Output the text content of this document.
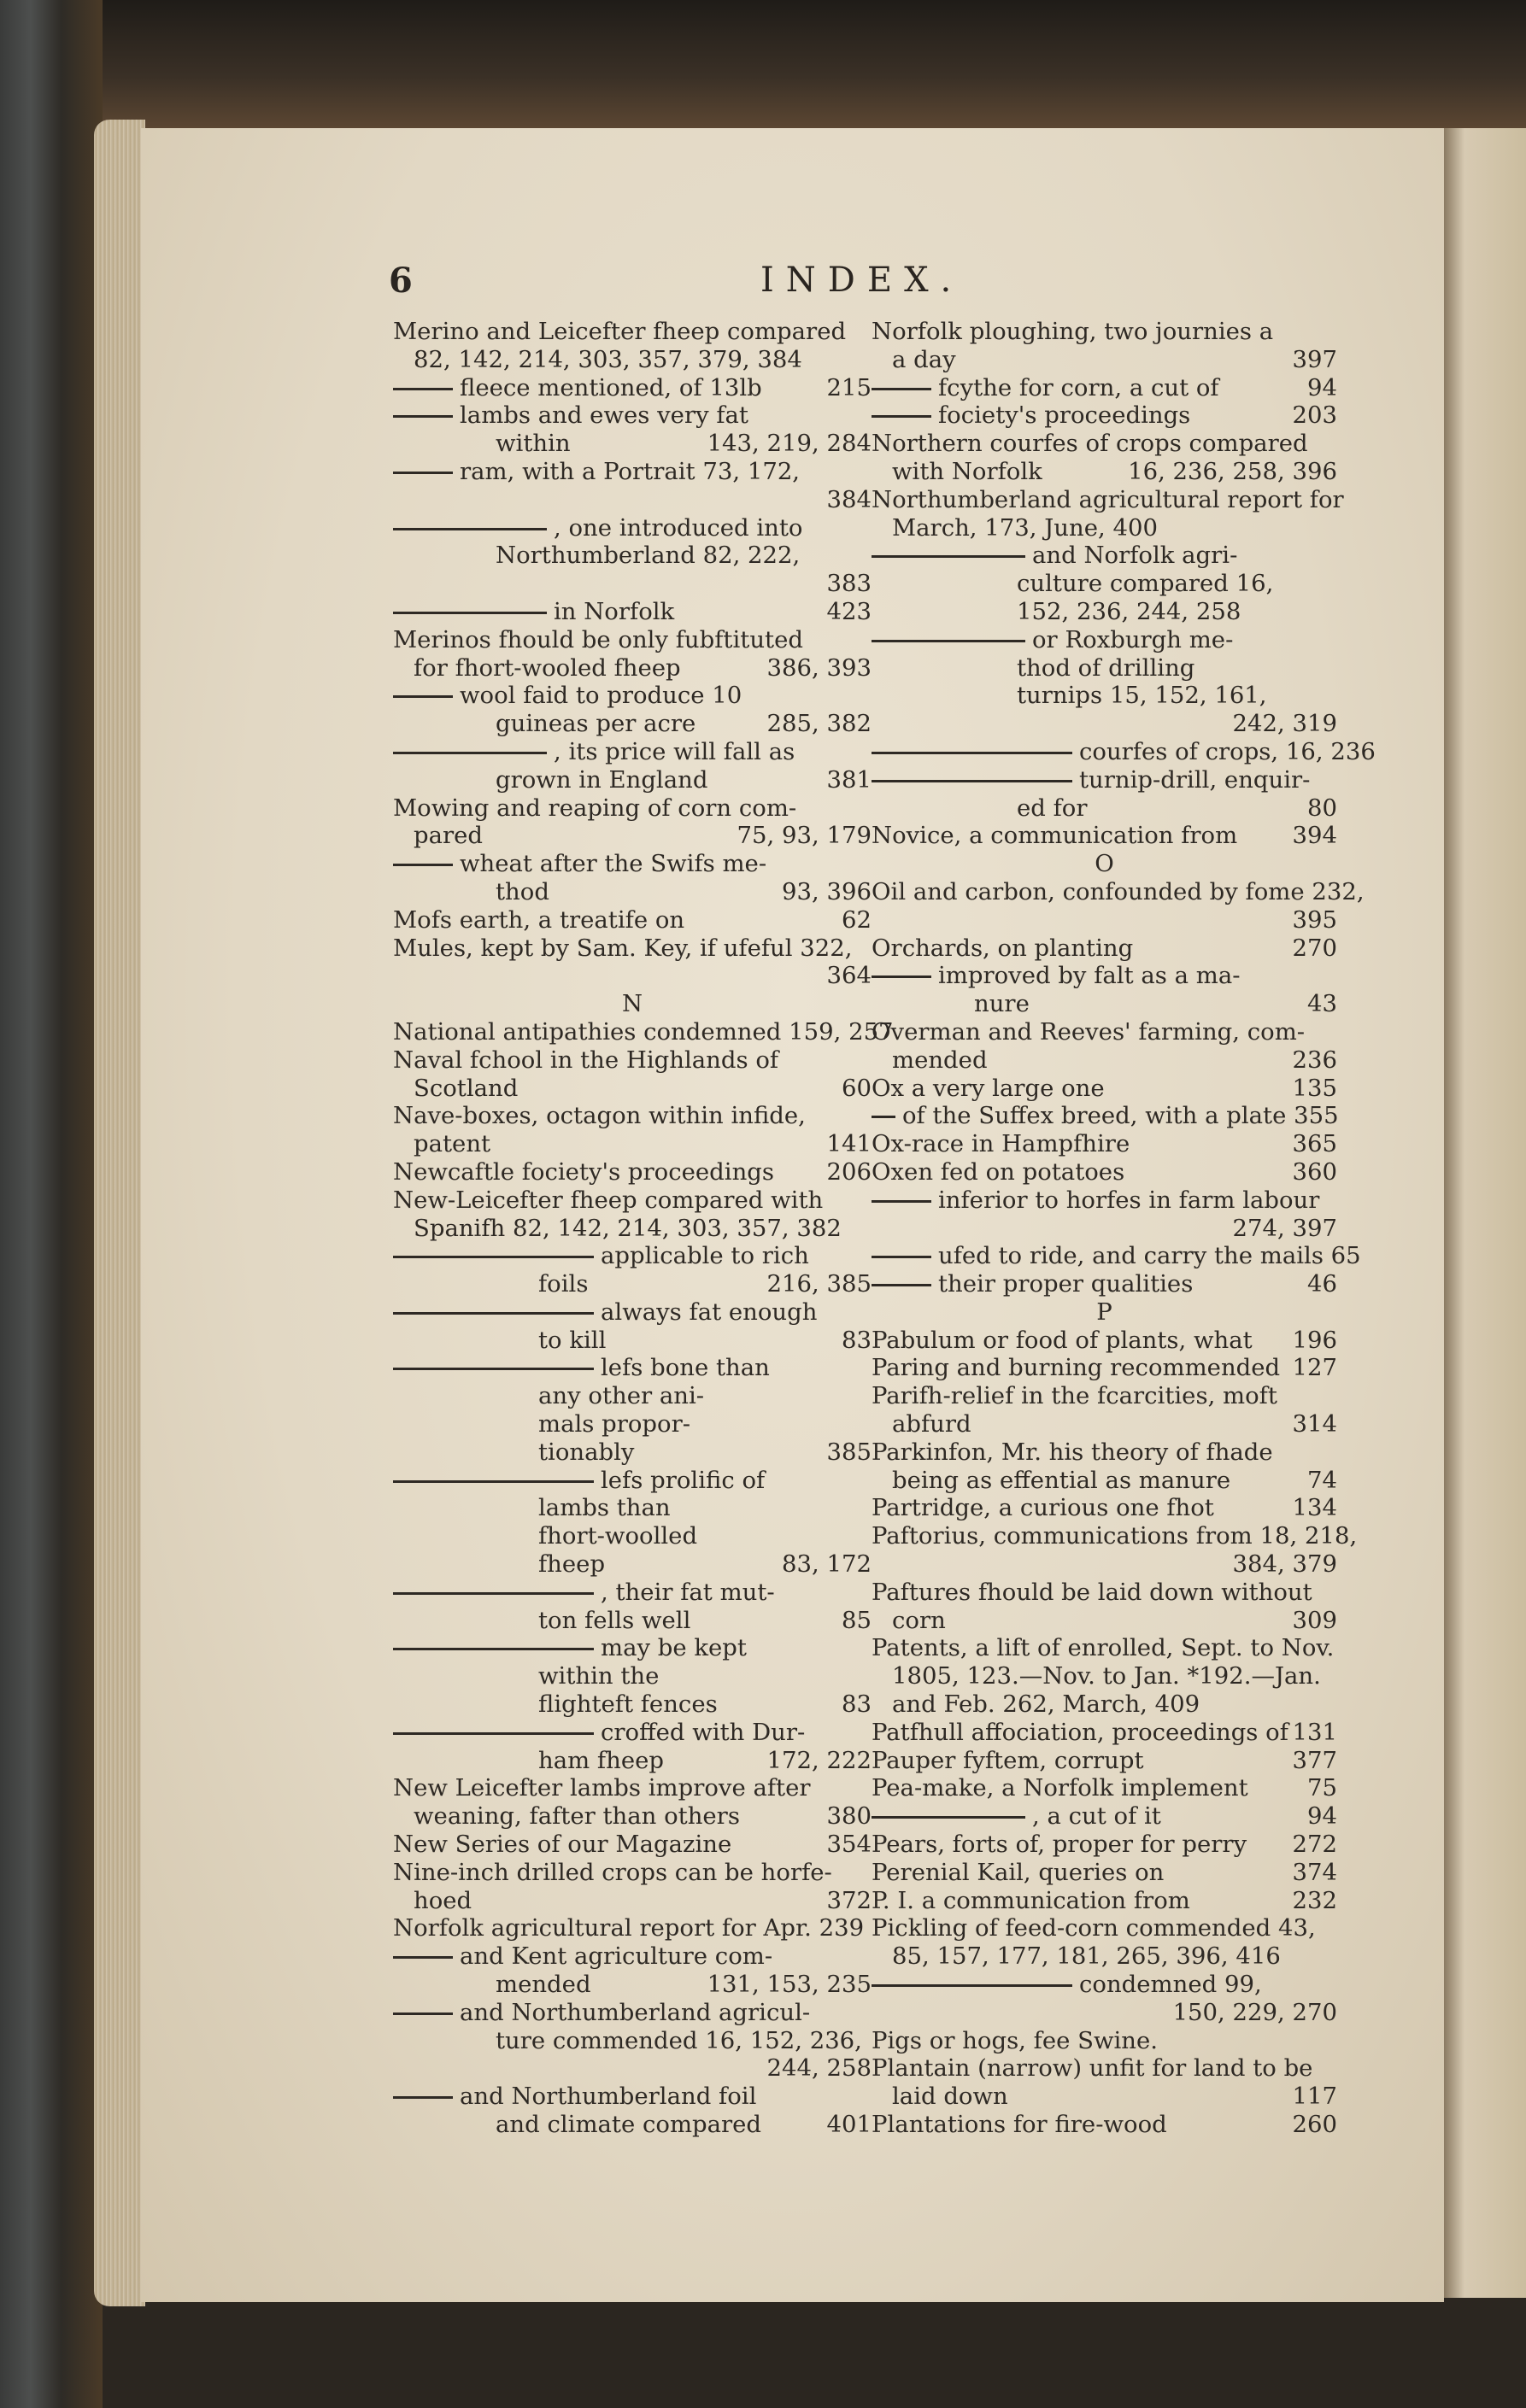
6	INDEX.
Merino and Leicefter fheep compared
82, 142, 214, 303, 357, 379, 384
fleece mentioned, of 13lb	215
lambs and ewes very fat
within	143, 219, 284
ram, with a Portrait 73, 172,
384
, one introduced into
Northumberland 82, 222,
383
in Norfolk	423
Merinos fhould be only fubftituted
for fhort-wooled fheep	386, 393
wool faid to produce 10
guineas per acre	285, 382
, its price will fall as
grown in England	381
Mowing and reaping of corn com-
pared	75, 93, 179
wheat after the Swifs me-
thod	93, 396
Mofs earth, a treatife on	62
Mules, kept by Sam. Key, if ufeful 322,
364
N
National antipathies condemned 159, 257
Naval fchool in the Highlands of
Scotland	60
Nave-boxes, octagon within infide,
patent	141
Newcaftle fociety's proceedings 206
New-Leicefter fheep compared with
Spanifh 82, 142, 214, 303, 357, 382
applicable to rich
foils	216, 385
always fat enough
to kill	83
lefs bone than
any other ani-
mals propor-
tionably	385
lefs prolific of
lambs than
fhort-woolled
fheep	83, 172
, their fat mut-
ton fells well	85
may be kept
within the
flighteft fences	83
croffed with Dur-
ham fheep	172, 222
New Leicefter lambs improve after
weaning, fafter than others	380
New Series of our Magazine	354
Nine-inch drilled crops can be horfe-
hoed	372
Norfolk agricultural report for Apr. 239
and Kent agriculture com-
mended	131, 153, 235
and Northumberland agricul-
ture commended 16, 152, 236,
244, 258
and Northumberland foil
and climate compared	401
Norfolk ploughing, two journies a
a day	397
fcythe for corn, a cut of	94
fociety's proceedings	203
Northern courfes of crops compared
with Norfolk	16, 236, 258, 396
Northumberland agricultural report for
March, 173, June, 400
and Norfolk agri-
culture compared 16,
152, 236, 244, 258
or Roxburgh me-
thod of drilling
turnips 15, 152, 161,
242, 319
courfes of crops, 16, 236
turnip-drill, enquir-
ed for	80
Novice, a communication from 394
O
Oil and carbon, confounded by fome 232,
395
Orchards, on planting	270
improved by falt as a ma-
nure	43
Overman and Reeves' farming, com-
mended	236
Ox a very large one	135
of the Suffex breed, with a plate 355
Ox-race in Hampfhire	365
Oxen fed on potatoes	360
inferior to horfes in farm labour
274, 397
ufed to ride, and carry the mails 65
their proper qualities	46
P
Pabulum or food of plants, what 196
Paring and burning recommended 127
Parifh-relief in the fcarcities, moft
abfurd	314
Parkinfon, Mr. his theory of fhade
being as effential as manure	74
Partridge, a curious one fhot	134
Paftorius, communications from 18, 218,
384, 379
Paftures fhould be laid down without
corn	309
Patents, a lift of enrolled, Sept. to Nov.
1805, 123.—Nov. to Jan. *192.—Jan.
and Feb. 262, March, 409
Patfhull affociation, proceedings of 131
Pauper fyftem, corrupt	377
Pea-make, a Norfolk implement	75
, a cut of it	94
Pears, forts of, proper for perry 272
Perenial Kail, queries on	374
P. I. a communication from	232
Pickling of feed-corn commended 43,
85, 157, 177, 181, 265, 396, 416
condemned 99,
150, 229, 270
Pigs or hogs, fee Swine.
Plantain (narrow) unfit for land to be
laid down	117
Plantations for fire-wood	260
